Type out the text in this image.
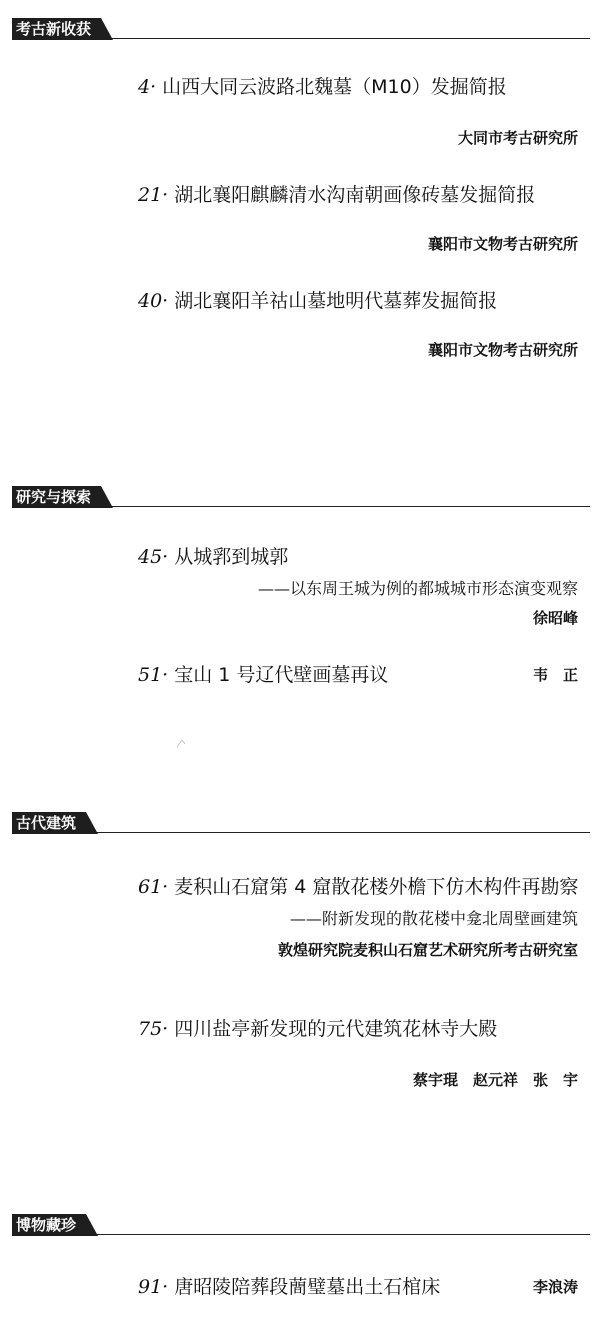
考古新收获
4· 山西大同云波路北魏墓（M10）发掘简报
大同市考古研究所
21· 湖北襄阳麒麟清水沟南朝画像砖墓发掘简报
襄阳市文物考古研究所
40· 湖北襄阳羊祜山墓地明代墓葬发掘简报
襄阳市文物考古研究所
研究与探索
45· 从城郛到城郭
——以东周王城为例的都城城市形态演变观察
徐昭峰
51· 宝山 1 号辽代壁画墓再议	韦　正
古代建筑
61· 麦积山石窟第 4 窟散花楼外檐下仿木构件再勘察
——附新发现的散花楼中龛北周壁画建筑
敦煌研究院麦积山石窟艺术研究所考古研究室
75· 四川盐亭新发现的元代建筑花林寺大殿
蔡宇琨　赵元祥　张　宇
博物藏珍
91· 唐昭陵陪葬段蕳璧墓出土石棺床	李浪涛
